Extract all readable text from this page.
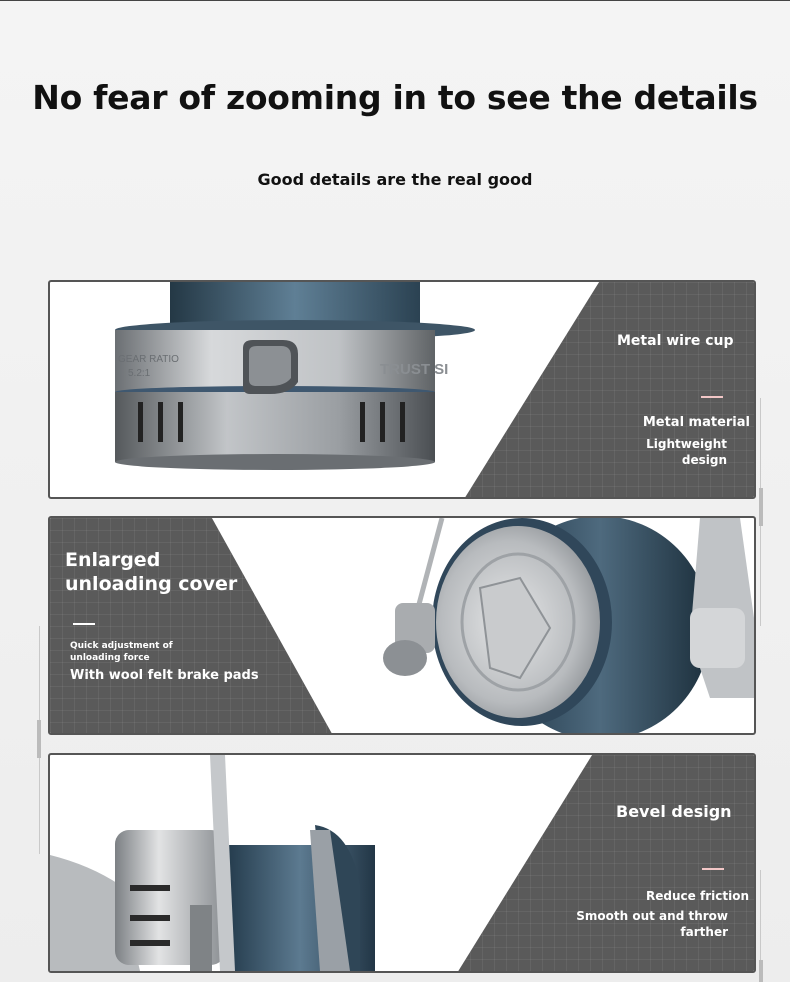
No fear of zooming in to see the details
Good details are the real good
GEAR RATIO
5.2:1	TRUST SI
Metal wire cup
Metal material
Lightweight
design
Enlarged
unloading cover
Quick adjustment of
unloading force
With wool felt brake pads
Bevel design
Reduce friction
Smooth out and throw
farther
